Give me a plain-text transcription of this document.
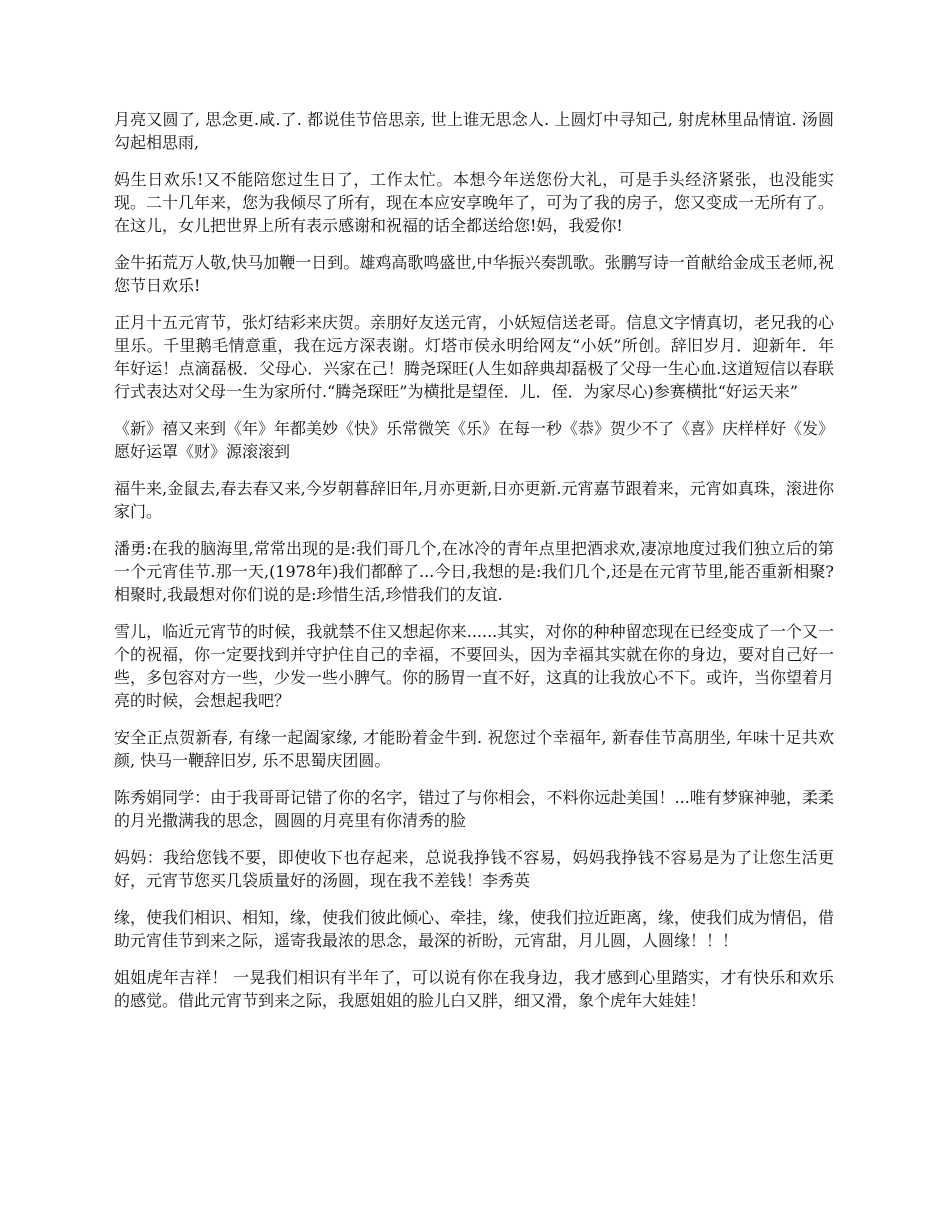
月亮又圆了, 思念更.咸.了. 都说佳节倍思亲, 世上谁无思念人. 上圆灯中寻知己, 射虎林里品情谊. 汤圆勾起相思雨,

妈生日欢乐!又不能陪您过生日了，工作太忙。本想今年送您份大礼，可是手头经济紧张，也没能实现。二十几年来，您为我倾尽了所有，现在本应安享晚年了，可为了我的房子，您又变成一无所有了。在这儿，女儿把世界上所有表示感谢和祝福的话全都送给您!妈，我爱你!

金牛拓荒万人敬,快马加鞭一日到。雄鸡高歌鸣盛世,中华振兴奏凯歌。张鹏写诗一首献给金成玉老师,祝您节日欢乐!

正月十五元宵节，张灯结彩来庆贺。亲朋好友送元宵，小妖短信送老哥。信息文字情真切，老兄我的心里乐。千里鹅毛情意重，我在远方深表谢。灯塔市侯永明给网友“小妖”所创。辞旧岁月．迎新年．年年好运！点滴磊极．父母心．兴家在己！腾尧琛旺(人生如辞典却磊极了父母一生心血.这道短信以春联行式表达对父母一生为家所付.“腾尧琛旺”为横批是望侄．儿．侄．为家尽心)参赛横批“好运天来”

《新》禧又来到《年》年都美妙《快》乐常微笑《乐》在每一秒《恭》贺少不了《喜》庆样样好《发》愿好运罩《财》源滚滚到

福牛来,金鼠去,春去春又来,今岁朝暮辞旧年,月亦更新,日亦更新.元宵嘉节跟着来，元宵如真珠，滚进你家门。

潘勇:在我的脑海里,常常出现的是:我们哥几个,在冰冷的青年点里把酒求欢,凄凉地度过我们独立后的第一个元宵佳节.那一天,(1978年)我们都醉了...今日,我想的是:我们几个,还是在元宵节里,能否重新相聚?相聚时,我最想对你们说的是:珍惜生活,珍惜我们的友谊.

雪儿，临近元宵节的时候，我就禁不住又想起你来......其实，对你的种种留恋现在已经变成了一个又一个的祝福，你一定要找到并守护住自己的幸福，不要回头，因为幸福其实就在你的身边，要对自己好一些，多包容对方一些，少发一些小脾气。你的肠胃一直不好，这真的让我放心不下。或许，当你望着月亮的时候，会想起我吧？

安全正点贺新春, 有缘一起阖家缘, 才能盼着金牛到. 祝您过个幸福年, 新春佳节高朋坐, 年味十足共欢颜, 快马一鞭辞旧岁, 乐不思蜀庆团圆。

陈秀娟同学：由于我哥哥记错了你的名字，错过了与你相会，不料你远赴美国！...唯有梦寐神驰，柔柔的月光撒满我的思念，圆圆的月亮里有你清秀的脸

妈妈：我给您钱不要，即使收下也存起来，总说我挣钱不容易，妈妈我挣钱不容易是为了让您生活更好，元宵节您买几袋质量好的汤圆，现在我不差钱！李秀英

缘，使我们相识、相知，缘，使我们彼此倾心、牵挂，缘，使我们拉近距离，缘，使我们成为情侣，借助元宵佳节到来之际，遥寄我最浓的思念，最深的祈盼，元宵甜，月儿圆，人圆缘！！！

姐姐虎年吉祥！ 一晃我们相识有半年了，可以说有你在我身边，我才感到心里踏实，才有快乐和欢乐的感觉。借此元宵节到来之际，我愿姐姐的脸儿白又胖，细又滑，象个虎年大娃娃！
